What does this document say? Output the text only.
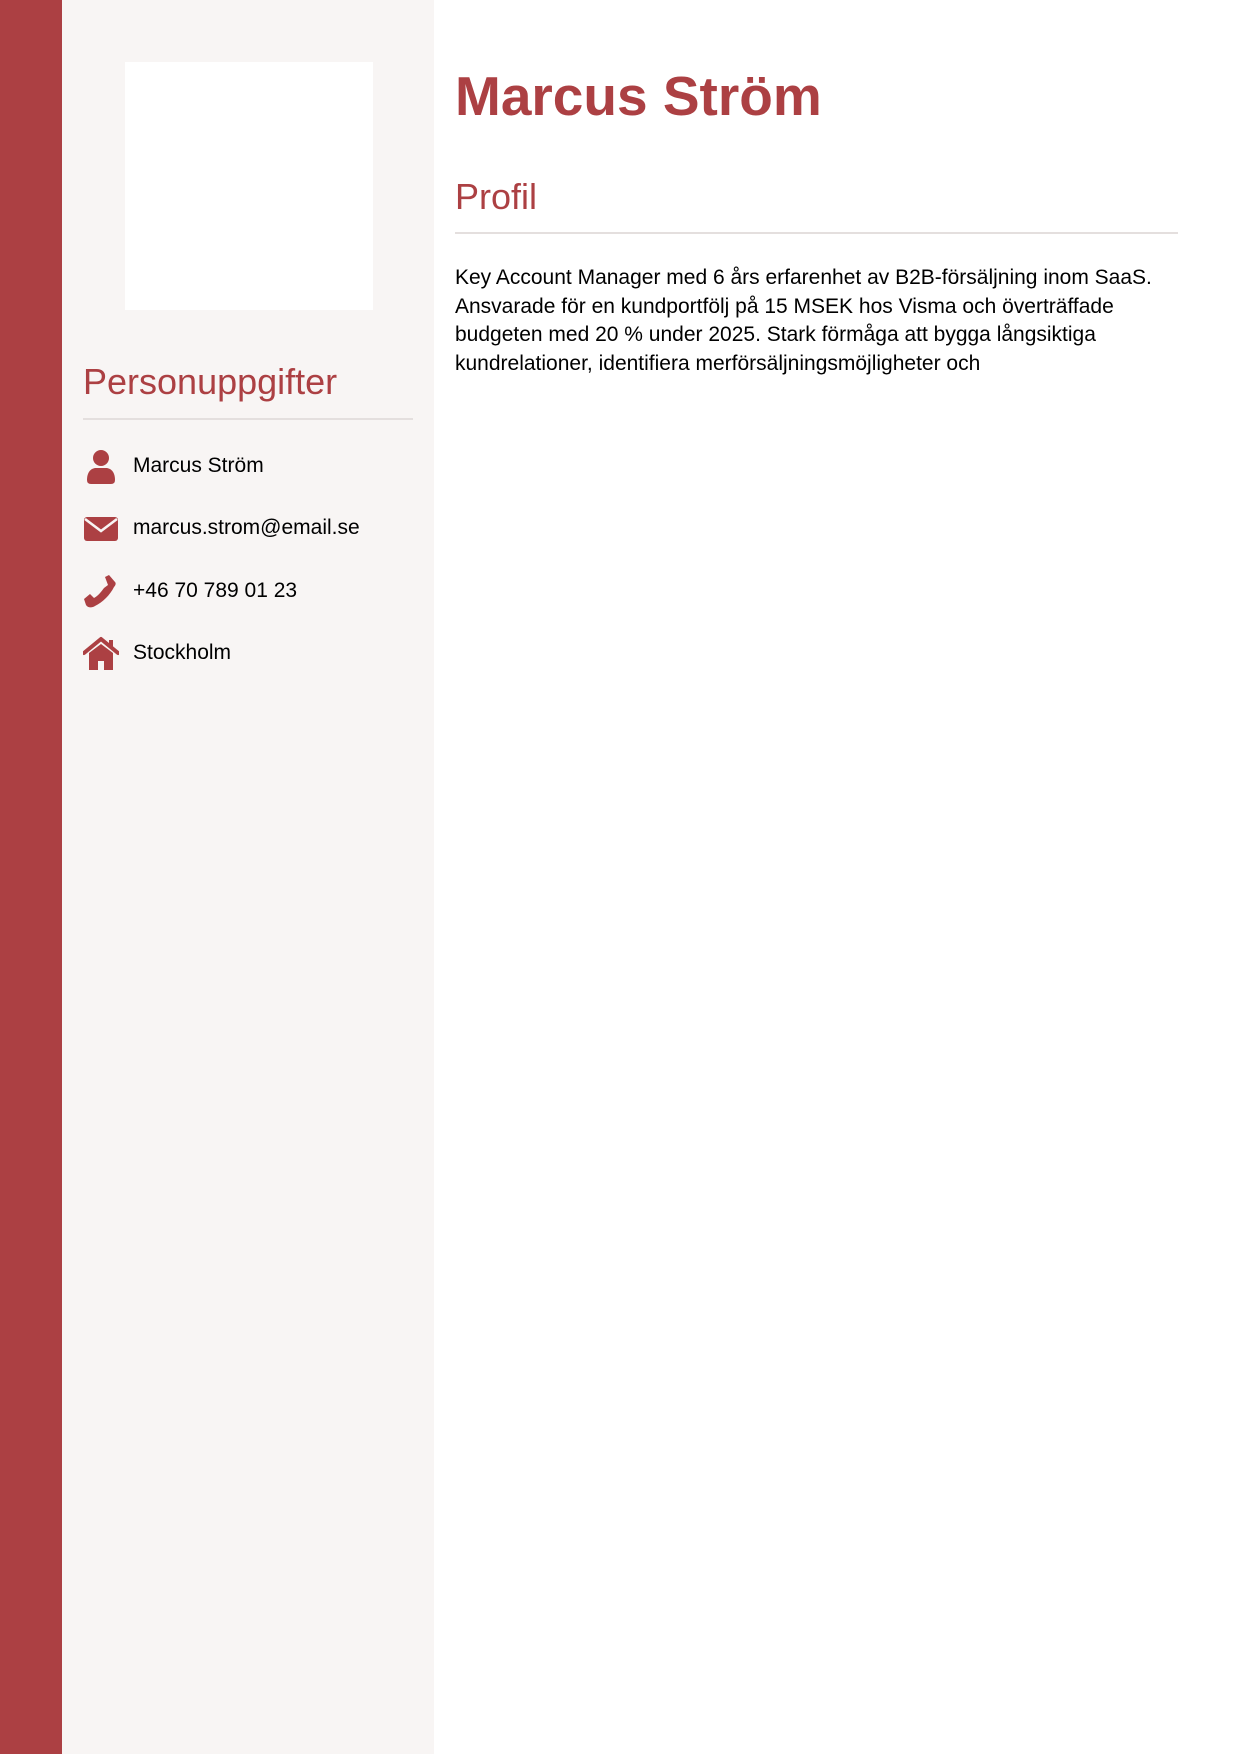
Personuppgifter
Marcus Ström
marcus.strom@email.se
+46 70 789 01 23
Stockholm
Marcus Ström
Profil

Key Account Manager med 6 års erfarenhet av B2B-försäljning inom SaaS. Ansvarade för en kundportfölj på 15 MSEK hos Visma och överträffade budgeten med 20 % under 2025. Stark förmåga att bygga långsiktiga kundrelationer, identifiera merförsäljningsmöjligheter och
